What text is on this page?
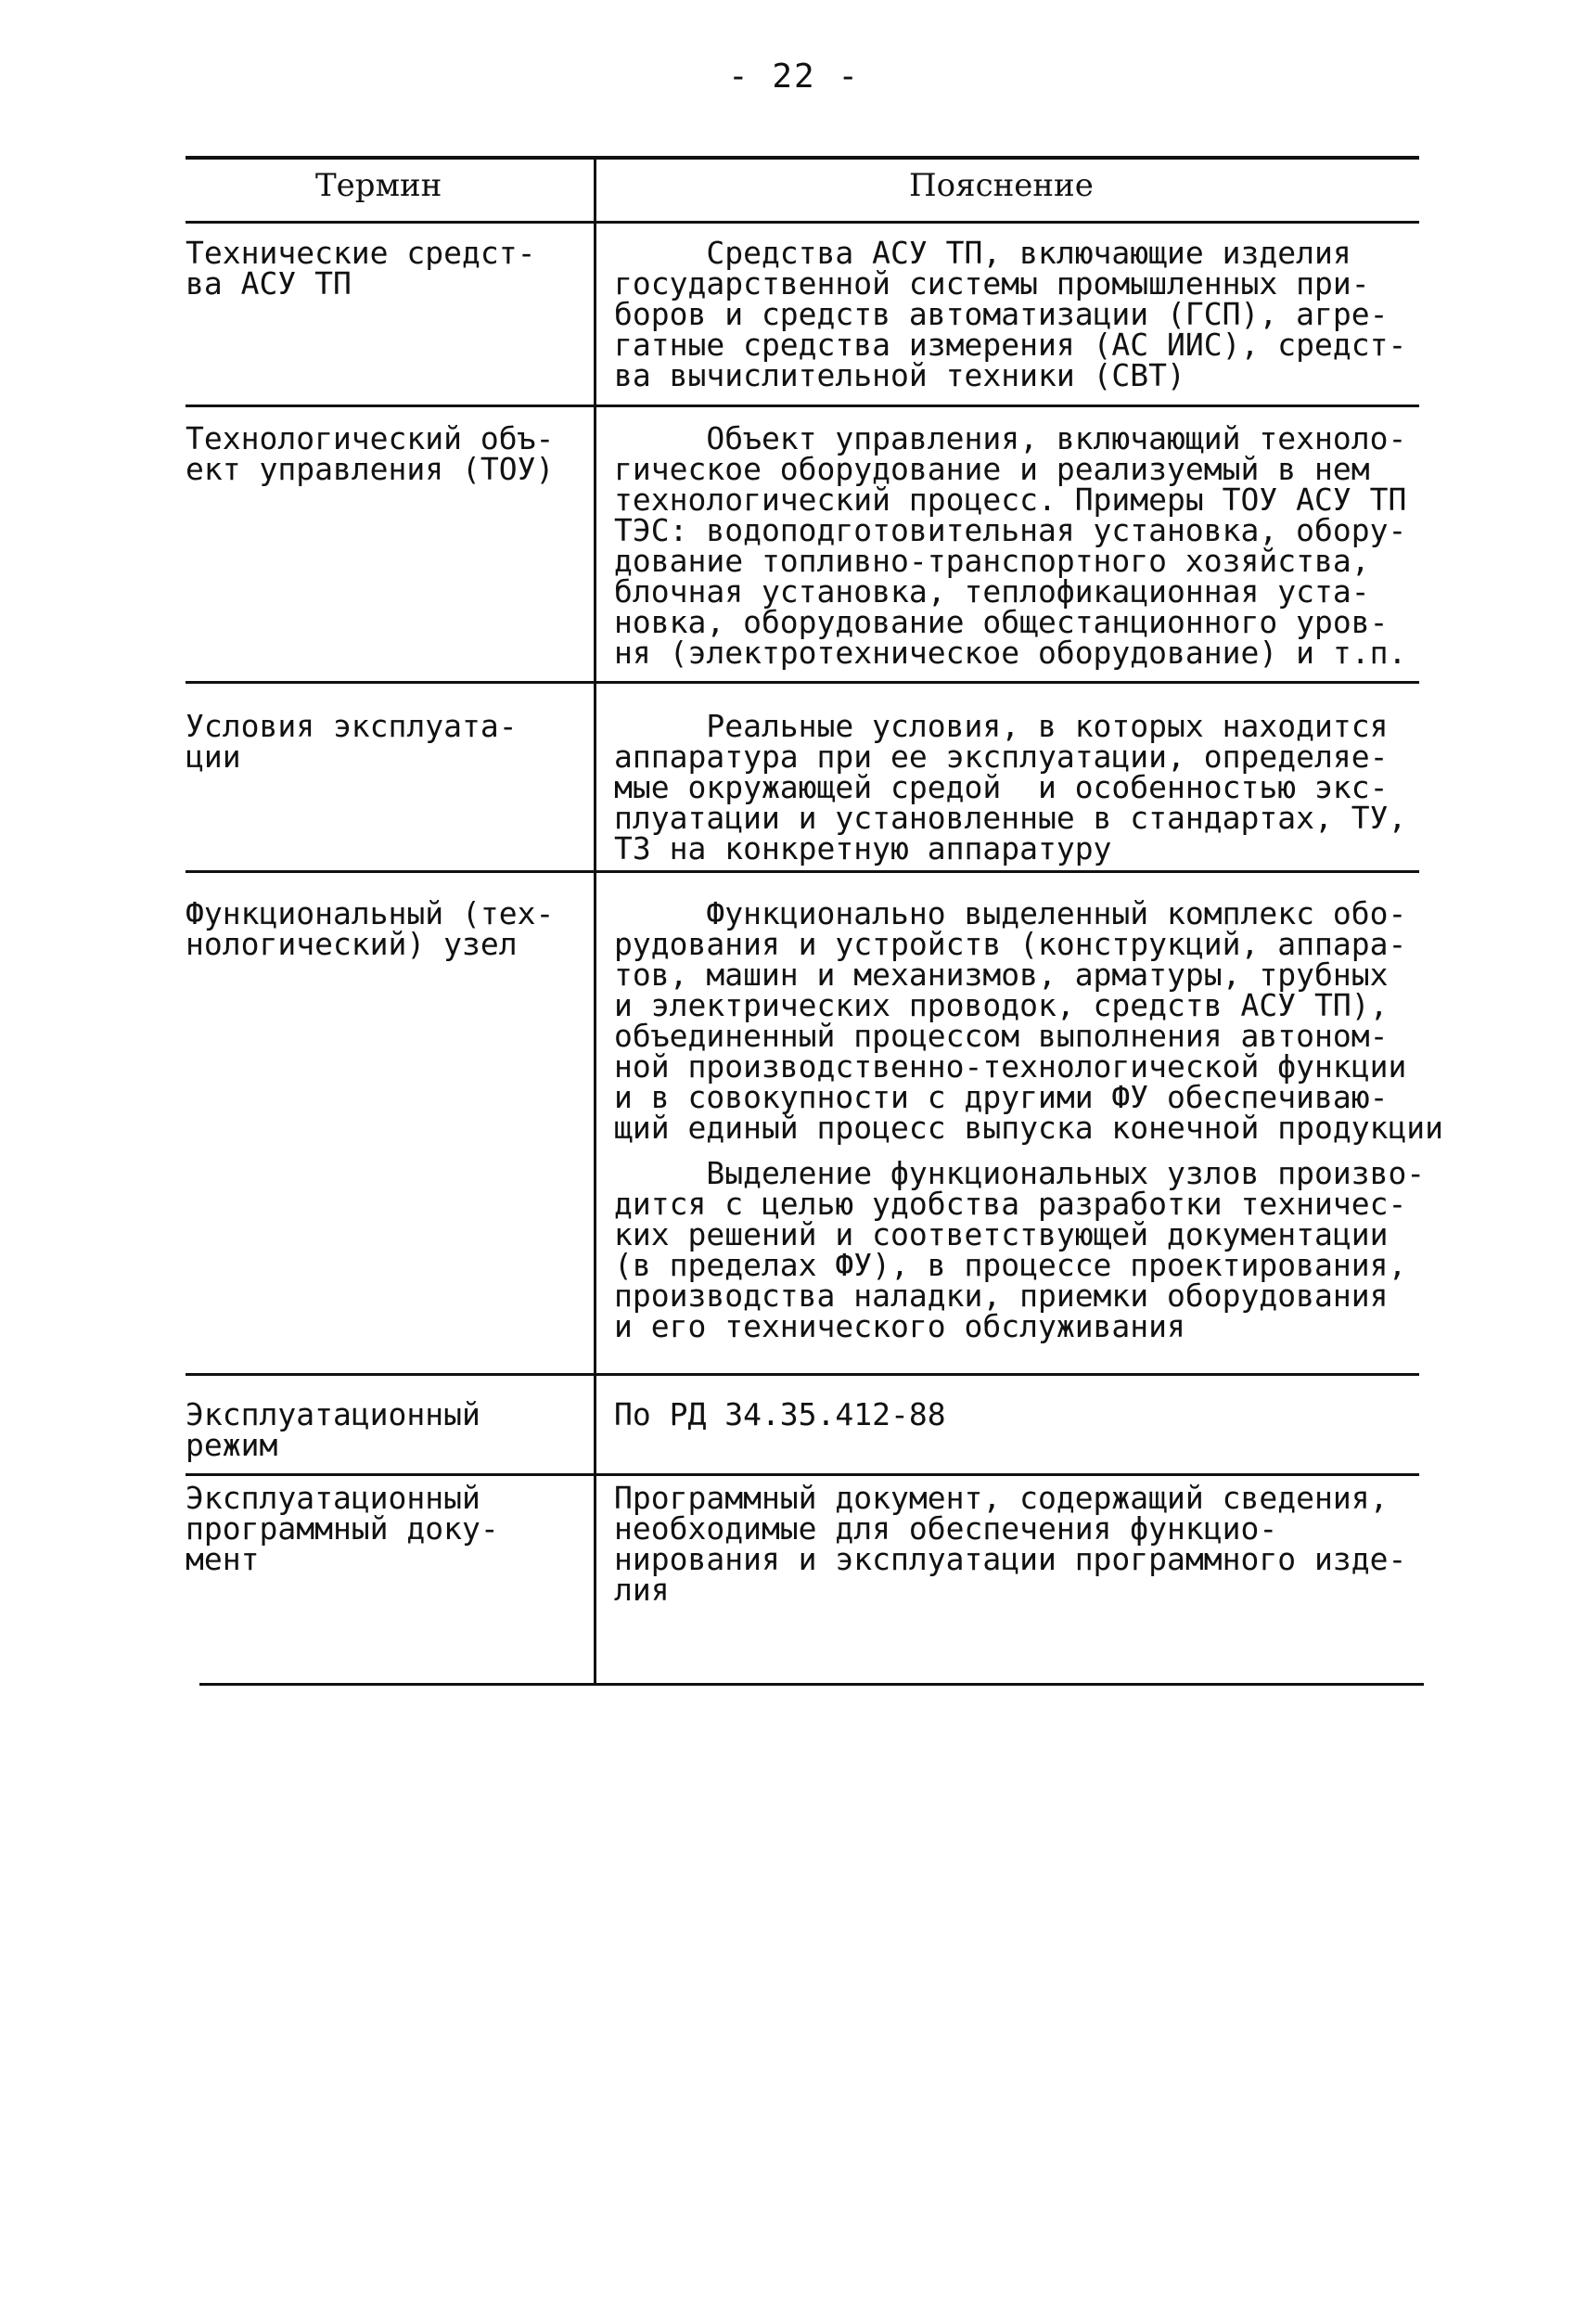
- 22 -
Термин	Пояснение
Технические средст-
ва АСУ ТП
Средства АСУ ТП, включающие изделия
государственной системы промышленных при-
боров и средств автоматизации (ГСП), агре-
гатные средства измерения (АС ИИС), средст-
ва вычислительной техники (СВТ)
Технологический объ-
ект управления (ТОУ)
Объект управления, включающий техноло-
гическое оборудование и реализуемый в нем
технологический процесс. Примеры ТОУ АСУ ТП
ТЭС: водоподготовительная установка, обору-
дование топливно-транспортного хозяйства,
блочная установка, теплофикационная уста-
новка, оборудование общестанционного уров-
ня (электротехническое оборудование) и т.п.
Условия эксплуата-
ции
Реальные условия, в которых находится
аппаратура при ее эксплуатации, определяе-
мые окружающей средой  и особенностью экс-
плуатации и установленные в стандартах, ТУ,
ТЗ на конкретную аппаратуру
Функциональный (тех-
нологический) узел
Функционально выделенный комплекс обо-
рудования и устройств (конструкций, аппара-
тов, машин и механизмов, арматуры, трубных
и электрических проводок, средств АСУ ТП),
объединенный процессом выполнения автоном-
ной производственно-технологической функции
и в совокупности с другими ФУ обеспечиваю-
щий единый процесс выпуска конечной продукции
Выделение функциональных узлов произво-
дится с целью удобства разработки техничес-
ких решений и соответствующей документации
(в пределах ФУ), в процессе проектирования,
производства наладки, приемки оборудования
и его технического обслуживания
Эксплуатационный
режим
По РД 34.35.412-88
Эксплуатационный
программный доку-
мент
Программный документ, содержащий сведения,
необходимые для обеспечения функцио-
нирования и эксплуатации программного изде-
лия
